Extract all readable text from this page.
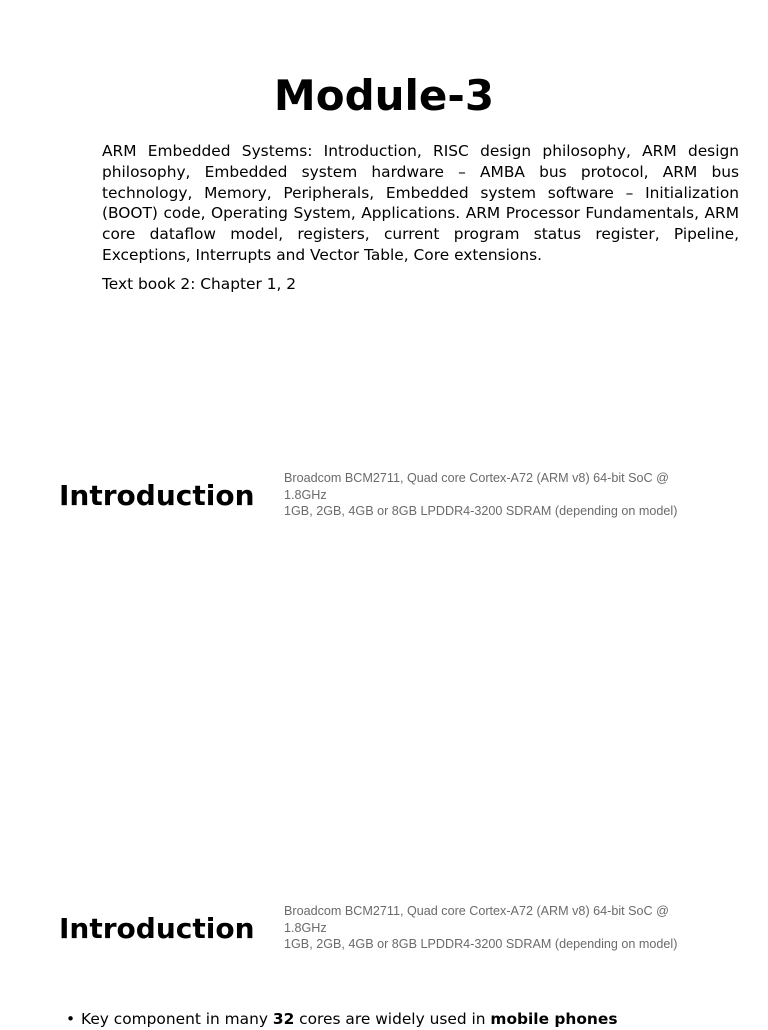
Module-3

ARM Embedded Systems: Introduction, RISC design philosophy, ARM design philosophy, Embedded system hardware – AMBA bus protocol, ARM bus technology, Memory, Peripherals, Embedded system software – Initialization (BOOT) code, Operating System, Applications. ARM Processor Fundamentals, ARM core dataflow model, registers, current program status register, Pipeline, Exceptions, Interrupts and Vector Table, Core extensions.

Text book 2: Chapter 1, 2
Introduction
Broadcom BCM2711, Quad core Cortex-A72 (ARM v8) 64-bit SoC @ 1.8GHz
1GB, 2GB, 4GB or 8GB LPDDR4-3200 SDRAM (depending on model)
Introduction
Broadcom BCM2711, Quad core Cortex-A72 (ARM v8) 64-bit SoC @ 1.8GHz
1GB, 2GB, 4GB or 8GB LPDDR4-3200 SDRAM (depending on model)
• Key component in many 32 cores are widely used in mobile phones
